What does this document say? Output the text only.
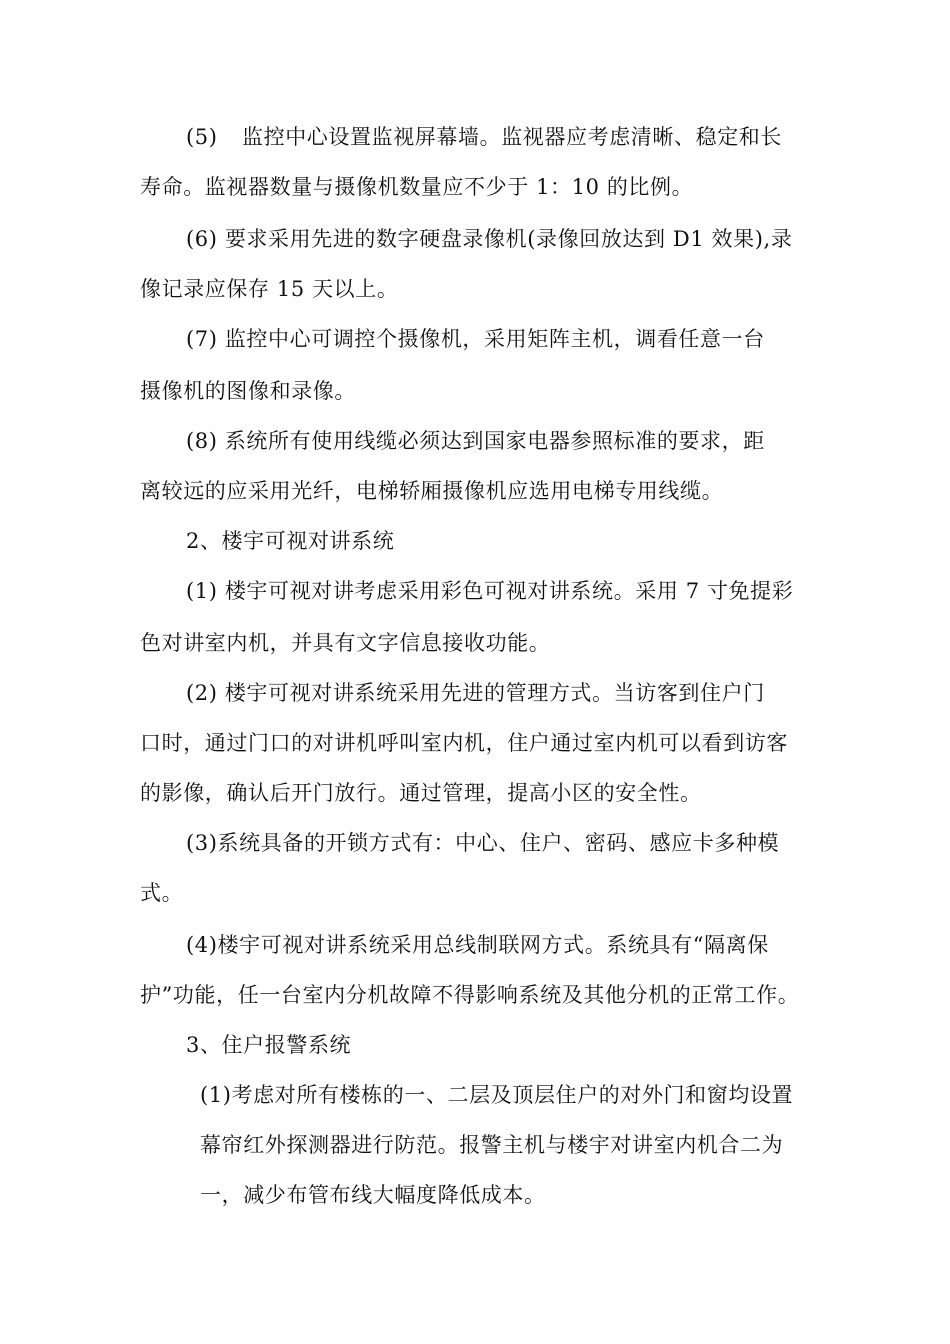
(5) 监控中心设置监视屏幕墙。监视器应考虑清晰、稳定和长
寿命。监视器数量与摄像机数量应不少于 1：10 的比例。
(6) 要求采用先进的数字硬盘录像机(录像回放达到 D1 效果),录
像记录应保存 15 天以上。
(7) 监控中心可调控个摄像机，采用矩阵主机，调看任意一台
摄像机的图像和录像。
(8) 系统所有使用线缆必须达到国家电器参照标准的要求，距
离较远的应采用光纤，电梯轿厢摄像机应选用电梯专用线缆。
2、楼宇可视对讲系统
(1) 楼宇可视对讲考虑采用彩色可视对讲系统。采用 7 寸免提彩
色对讲室内机，并具有文字信息接收功能。
(2) 楼宇可视对讲系统采用先进的管理方式。当访客到住户门
口时，通过门口的对讲机呼叫室内机，住户通过室内机可以看到访客
的影像，确认后开门放行。通过管理，提高小区的安全性。
(3)系统具备的开锁方式有：中心、住户、密码、感应卡多种模
式。
(4)楼宇可视对讲系统采用总线制联网方式。系统具有“隔离保
护”功能，任一台室内分机故障不得影响系统及其他分机的正常工作。
3、住户报警系统
(1)考虑对所有楼栋的一、二层及顶层住户的对外门和窗均设置
幕帘红外探测器进行防范。报警主机与楼宇对讲室内机合二为
一，减少布管布线大幅度降低成本。
